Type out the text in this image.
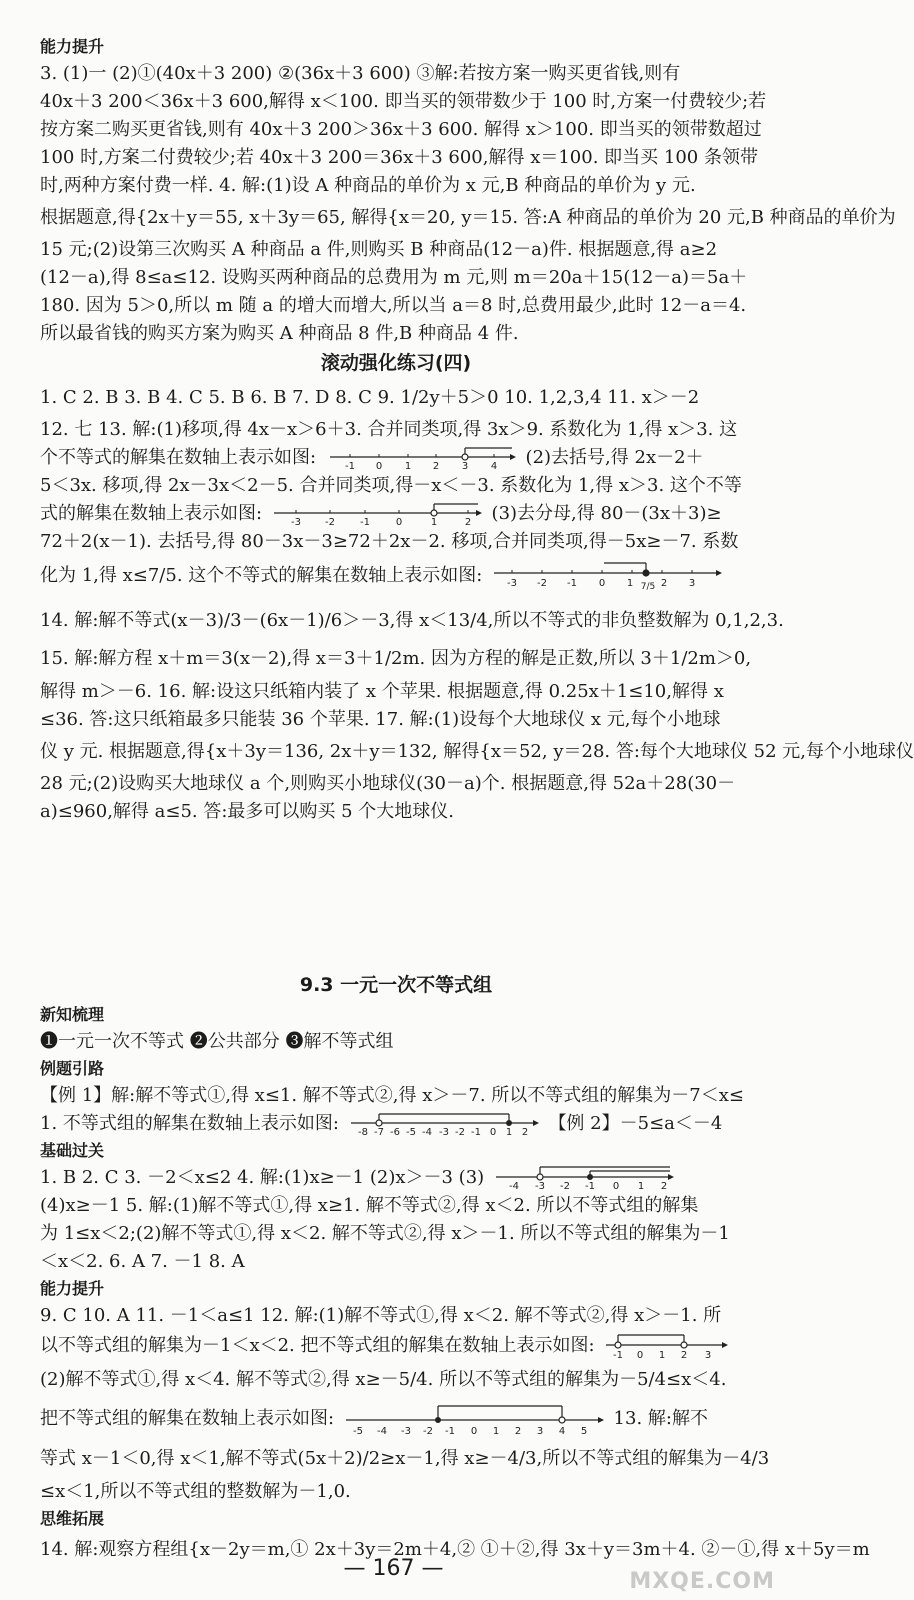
能力提升
3. (1)一 (2)①(40x＋3 200) ②(36x＋3 600) ③解:若按方案一购买更省钱,则有
40x＋3 200＜36x＋3 600,解得 x＜100. 即当买的领带数少于 100 时,方案一付费较少;若
按方案二购买更省钱,则有 40x＋3 200＞36x＋3 600. 解得 x＞100. 即当买的领带数超过
100 时,方案二付费较少;若 40x＋3 200＝36x＋3 600,解得 x＝100. 即当买 100 条领带
时,两种方案付费一样. 4. 解:(1)设 A 种商品的单价为 x 元,B 种商品的单价为 y 元.
根据题意,得{2x＋y＝55, x＋3y＝65, 解得{x＝20, y＝15. 答:A 种商品的单价为 20 元,B 种商品的单价为
15 元;(2)设第三次购买 A 种商品 a 件,则购买 B 种商品(12－a)件. 根据题意,得 a≥2
(12－a),得 8≤a≤12. 设购买两种商品的总费用为 m 元,则 m＝20a＋15(12－a)＝5a＋
180. 因为 5＞0,所以 m 随 a 的增大而增大,所以当 a＝8 时,总费用最少,此时 12－a＝4.
所以最省钱的购买方案为购买 A 种商品 8 件,B 种商品 4 件.
滚动强化练习(四)
1. C 2. B 3. B 4. C 5. B 6. B 7. D 8. C 9. 1/2y＋5＞0 10. 1,2,3,4 11. x＞－2
12. 七 13. 解:(1)移项,得 4x－x＞6＋3. 合并同类项,得 3x＞9. 系数化为 1,得 x＞3. 这
个不等式的解集在数轴上表示如图:	-1 0 1 2 3 4 (2)去括号,得 2x－2＋
5＜3x. 移项,得 2x－3x＜2－5. 合并同类项,得－x＜－3. 系数化为 1,得 x＞3. 这个不等
式的解集在数轴上表示如图:	-3 -2	-1	0	1	2 (3)去分母,得 80－(3x＋3)≥
72＋2(x－1). 去括号,得 80－3x－3≥72＋2x－2. 移项,合并同类项,得－5x≥－7. 系数
化为 1,得 x≤7/5. 这个不等式的解集在数轴上表示如图: -3 -2 -1 0 1 7/5 2 3
14. 解:解不等式(x－3)/3－(6x－1)/6＞－3,得 x＜13/4,所以不等式的非负整数解为 0,1,2,3.
15. 解:解方程 x＋m＝3(x－2),得 x＝3＋1/2m. 因为方程的解是正数,所以 3＋1/2m＞0,
解得 m＞－6. 16. 解:设这只纸箱内装了 x 个苹果. 根据题意,得 0.25x＋1≤10,解得 x
≤36. 答:这只纸箱最多只能装 36 个苹果. 17. 解:(1)设每个大地球仪 x 元,每个小地球
仪 y 元. 根据题意,得{x＋3y＝136, 2x＋y＝132, 解得{x＝52, y＝28. 答:每个大地球仪 52 元,每个小地球仪
28 元;(2)设购买大地球仪 a 个,则购买小地球仪(30－a)个. 根据题意,得 52a＋28(30－
a)≤960,解得 a≤5. 答:最多可以购买 5 个大地球仪.
9.3 一元一次不等式组
新知梳理
❶一元一次不等式 ❷公共部分 ❸解不等式组
例题引路
【例 1】解:解不等式①,得 x≤1. 解不等式②,得 x＞－7. 所以不等式组的解集为－7＜x≤
1. 不等式组的解集在数轴上表示如图: -8 -7 -6 -5 -4 -3 -2 -1 0 1 2 【例 2】－5≤a＜－4
基础过关
1. B 2. C 3. －2＜x≤2 4. 解:(1)x≥－1 (2)x＞－3 (3) -4 -3 -2 -1 0 1 2
(4)x≥－1 5. 解:(1)解不等式①,得 x≥1. 解不等式②,得 x＜2. 所以不等式组的解集
为 1≤x＜2;(2)解不等式①,得 x＜2. 解不等式②,得 x＞－1. 所以不等式组的解集为－1
＜x＜2. 6. A 7. －1 8. A
能力提升
9. C 10. A 11. －1＜a≤1 12. 解:(1)解不等式①,得 x＜2. 解不等式②,得 x＞－1. 所
以不等式组的解集为－1＜x＜2. 把不等式组的解集在数轴上表示如图: -1 0 1 2 3
(2)解不等式①,得 x＜4. 解不等式②,得 x≥－5/4. 所以不等式组的解集为－5/4≤x＜4.
把不等式组的解集在数轴上表示如图:
-5 -4 -3 -2 -1 0 1 2 3 4 5
13. 解:解不
等式 x－1＜0,得 x＜1,解不等式(5x＋2)/2≥x－1,得 x≥－4/3,所以不等式组的解集为－4/3
≤x＜1,所以不等式组的整数解为－1,0.
思维拓展
14. 解:观察方程组{x－2y＝m,① 2x＋3y＝2m＋4,② ①＋②,得 3x＋y＝3m＋4. ②－①,得 x＋5y＝m
— 167 —
MXQE.COM
